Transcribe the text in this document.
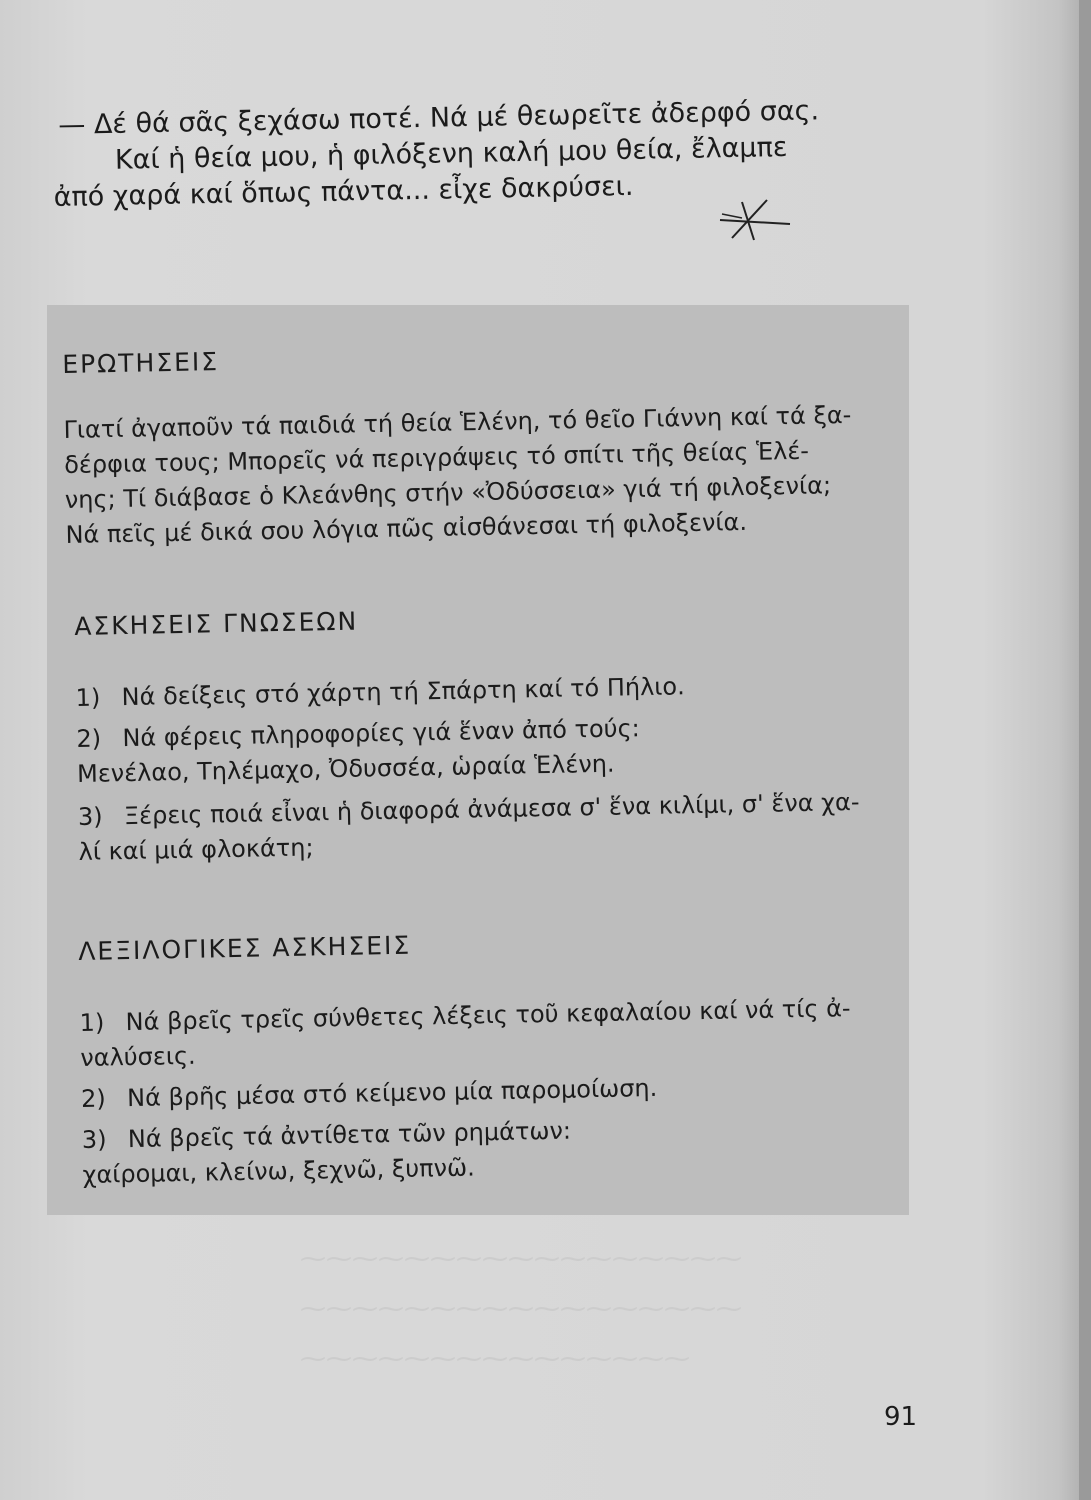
⁓⁓⁓⁓⁓⁓⁓⁓⁓⁓⁓⁓⁓⁓⁓⁓⁓
⁓⁓⁓⁓⁓⁓⁓⁓⁓⁓⁓⁓⁓⁓⁓⁓⁓
⁓⁓⁓⁓⁓⁓⁓⁓⁓⁓⁓⁓⁓⁓⁓

— Δέ θά σᾶς ξεχάσω ποτέ. Νά μέ θεωρεῖτε ἀδερφό σας.

Καί ἡ θεία μου, ἡ φιλόξενη καλή μου θεία, ἔλαμπε

ἀπό χαρά καί ὅπως πάντα... εἶχε δακρύσει.

ΕΡΩΤΗΣΕΙΣ

Γιατί ἀγαποῦν τά παιδιά τή θεία Ἑλένη, τό θεῖο Γιάννη καί τά ξα-

δέρφια τους; Μπορεῖς νά περιγράψεις τό σπίτι τῆς θείας Ἑλέ-

νης; Τί διάβασε ὁ Κλεάνθης στήν «Ὀδύσσεια» γιά τή φιλοξενία;

Νά πεῖς μέ δικά σου λόγια πῶς αἰσθάνεσαι τή φιλοξενία.

ΑΣΚΗΣΕΙΣ ΓΝΩΣΕΩΝ

1) Νά δείξεις στό χάρτη τή Σπάρτη καί τό Πήλιο.
2) Νά φέρεις πληροφορίες γιά ἕναν ἀπό τούς:
Μενέλαο, Τηλέμαχο, Ὀδυσσέα, ὡραία Ἑλένη.
3) Ξέρεις ποιά εἶναι ἡ διαφορά ἀνάμεσα σ' ἕνα κιλίμι, σ' ἕνα χα-
λί καί μιά φλοκάτη;

ΛΕΞΙΛΟΓΙΚΕΣ ΑΣΚΗΣΕΙΣ

1) Νά βρεῖς τρεῖς σύνθετες λέξεις τοῦ κεφαλαίου καί νά τίς ἀ-
ναλύσεις.
2) Νά βρῆς μέσα στό κείμενο μία παρομοίωση.
3) Νά βρεῖς τά ἀντίθετα τῶν ρημάτων:
χαίρομαι, κλείνω, ξεχνῶ, ξυπνῶ.
91
